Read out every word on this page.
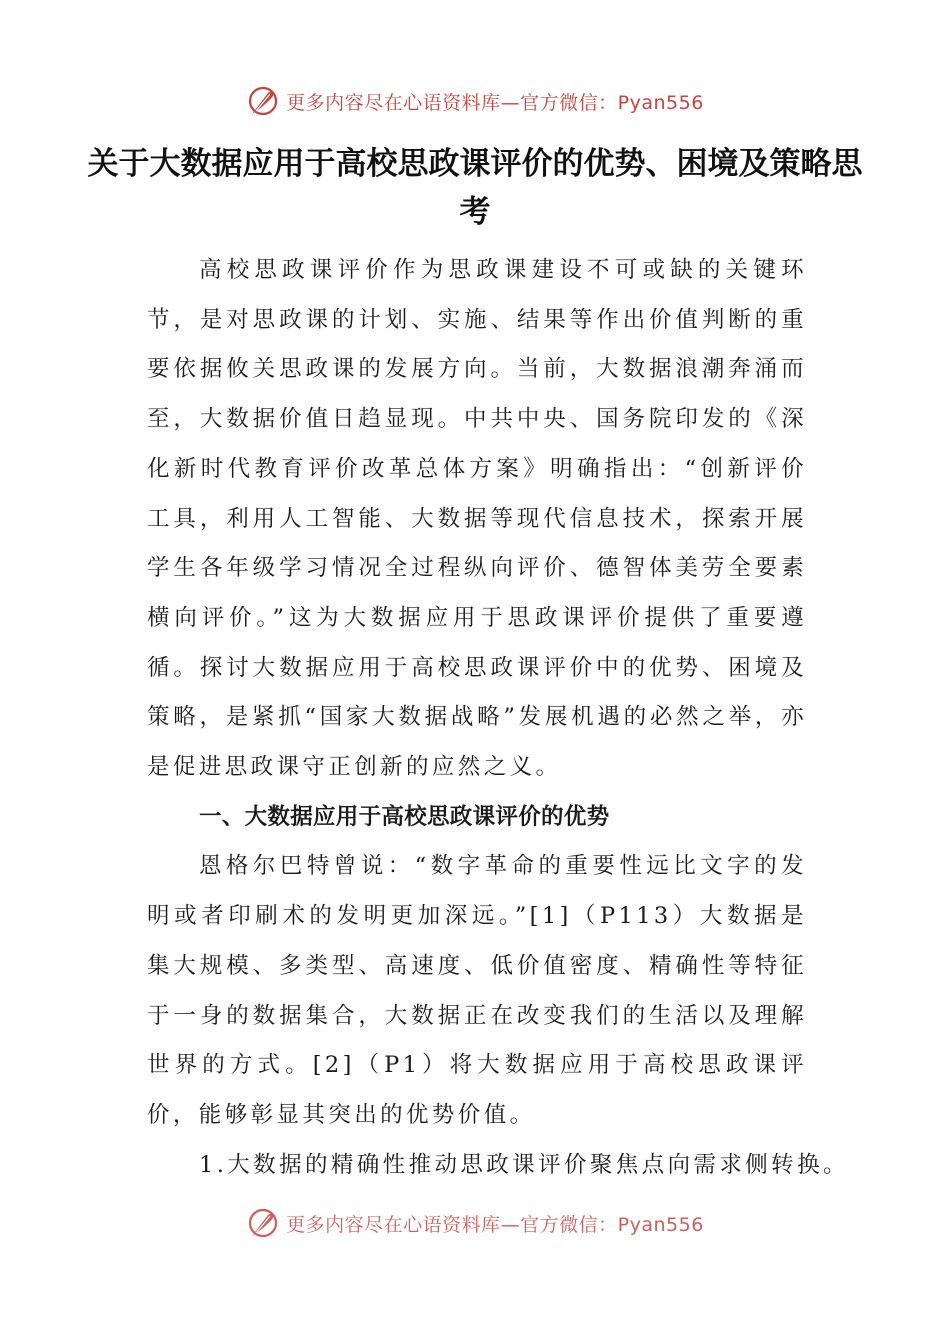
更多内容尽在心语资料库—官方微信：Pyan556
关于大数据应用于高校思政课评价的优势、困境及策略思考

高校思政课评价作为思政课建设不可或缺的关键环节，是对思政课的计划、实施、结果等作出价值判断的重要依据攸关思政课的发展方向。当前，大数据浪潮奔涌而至，大数据价值日趋显现。中共中央、国务院印发的《深化新时代教育评价改革总体方案》明确指出：“创新评价工具，利用人工智能、大数据等现代信息技术，探索开展学生各年级学习情况全过程纵向评价、德智体美劳全要素横向评价。”这为大数据应用于思政课评价提供了重要遵循。探讨大数据应用于高校思政课评价中的优势、困境及策略，是紧抓“国家大数据战略”发展机遇的必然之举，亦是促进思政课守正创新的应然之义。

一、大数据应用于高校思政课评价的优势

恩格尔巴特曾说：“数字革命的重要性远比文字的发明或者印刷术的发明更加深远。”[1]（P113）大数据是集大规模、多类型、高速度、低价值密度、精确性等特征于一身的数据集合，大数据正在改变我们的生活以及理解世界的方式。[2]（P1）将大数据应用于高校思政课评价，能够彰显其突出的优势价值。

1.大数据的精确性推动思政课评价聚焦点向需求侧转换。

更多内容尽在心语资料库—官方微信：Pyan556
